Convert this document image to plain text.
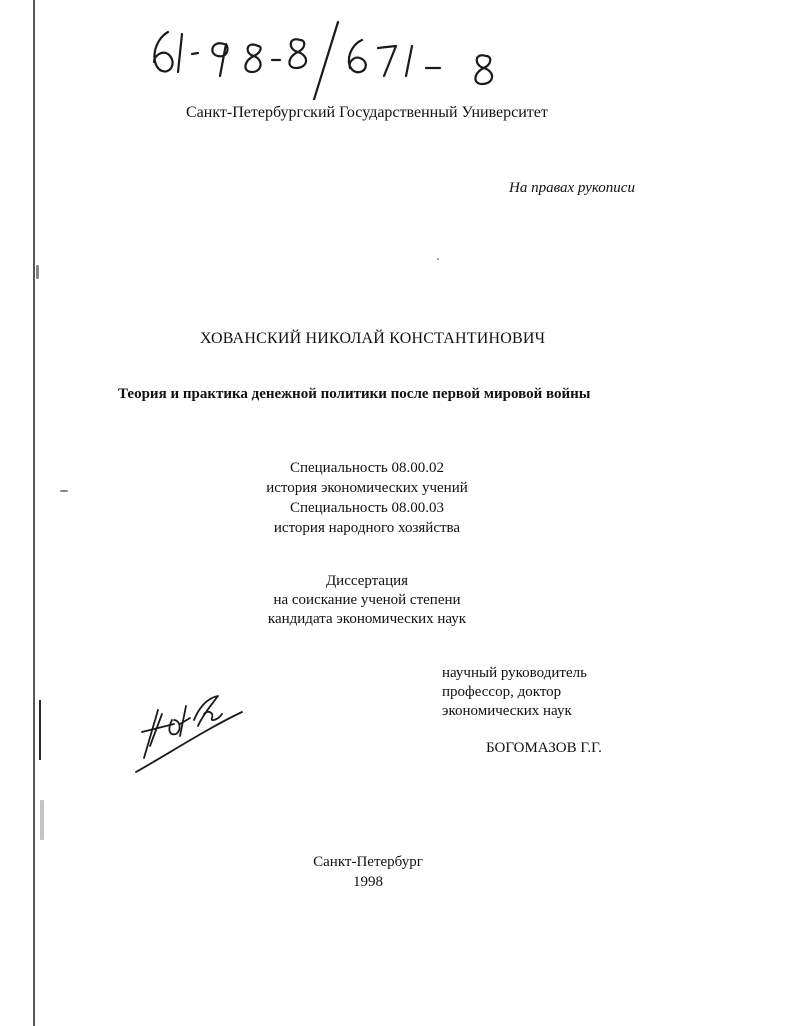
Санкт-Петербургский Государственный Университет
На правах рукописи
ХОВАНСКИЙ НИКОЛАЙ КОНСТАНТИНОВИЧ
Теория и практика денежной политики после первой мировой войны
Специальность 08.00.02
история экономических учений
Специальность 08.00.03
история народного хозяйства
Диссертация
на соискание ученой степени
кандидата экономических наук
научный руководитель
профессор, доктор
экономических наук
БОГОМАЗОВ Г.Г.
Санкт-Петербург
1998
